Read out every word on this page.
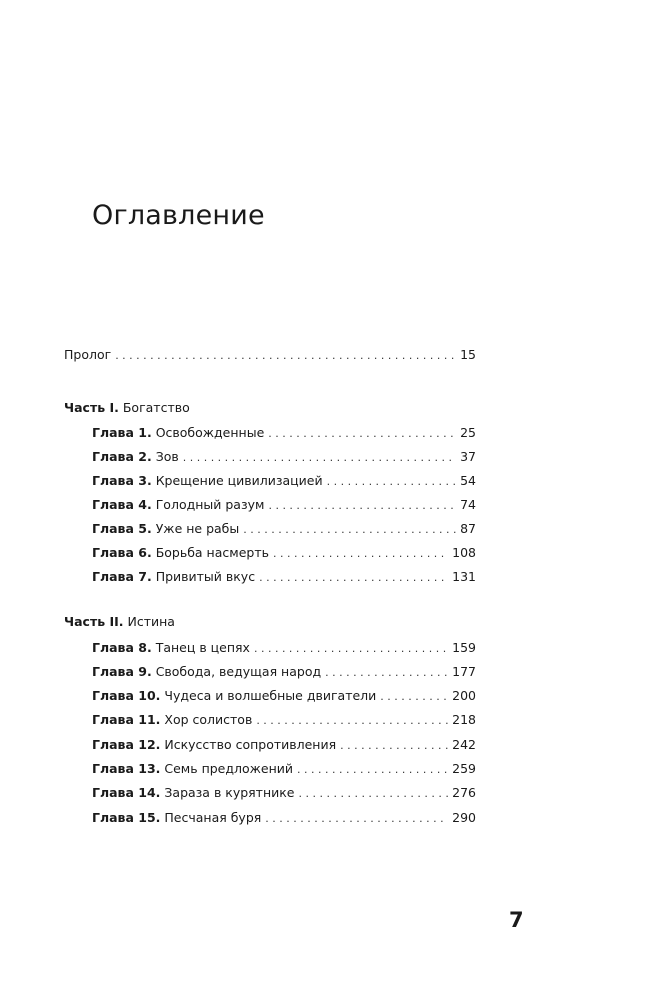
Оглавление
Пролог . . .	15
Часть I. Богатство
Глава 1. Освобожденные . . .	25
Глава 2. Зов . . .	37
Глава 3. Крещение цивилизацией . . .	54
Глава 4. Голодный разум . . .	74
Глава 5. Уже не рабы . . .	87
Глава 6. Борьба насмерть . . .	108
Глава 7. Привитый вкус . . .	131
Часть II. Истина
Глава 8. Танец в цепях . . .	159
Глава 9. Свобода, ведущая народ . . .	177
Глава 10. Чудеса и волшебные двигатели . . .	200
Глава 11. Хор солистов . . .	218
Глава 12. Искусство сопротивления . . .	242
Глава 13. Семь предложений . . .	259
Глава 14. Зараза в курятнике . . .	276
Глава 15. Песчаная буря . . .	290
7
